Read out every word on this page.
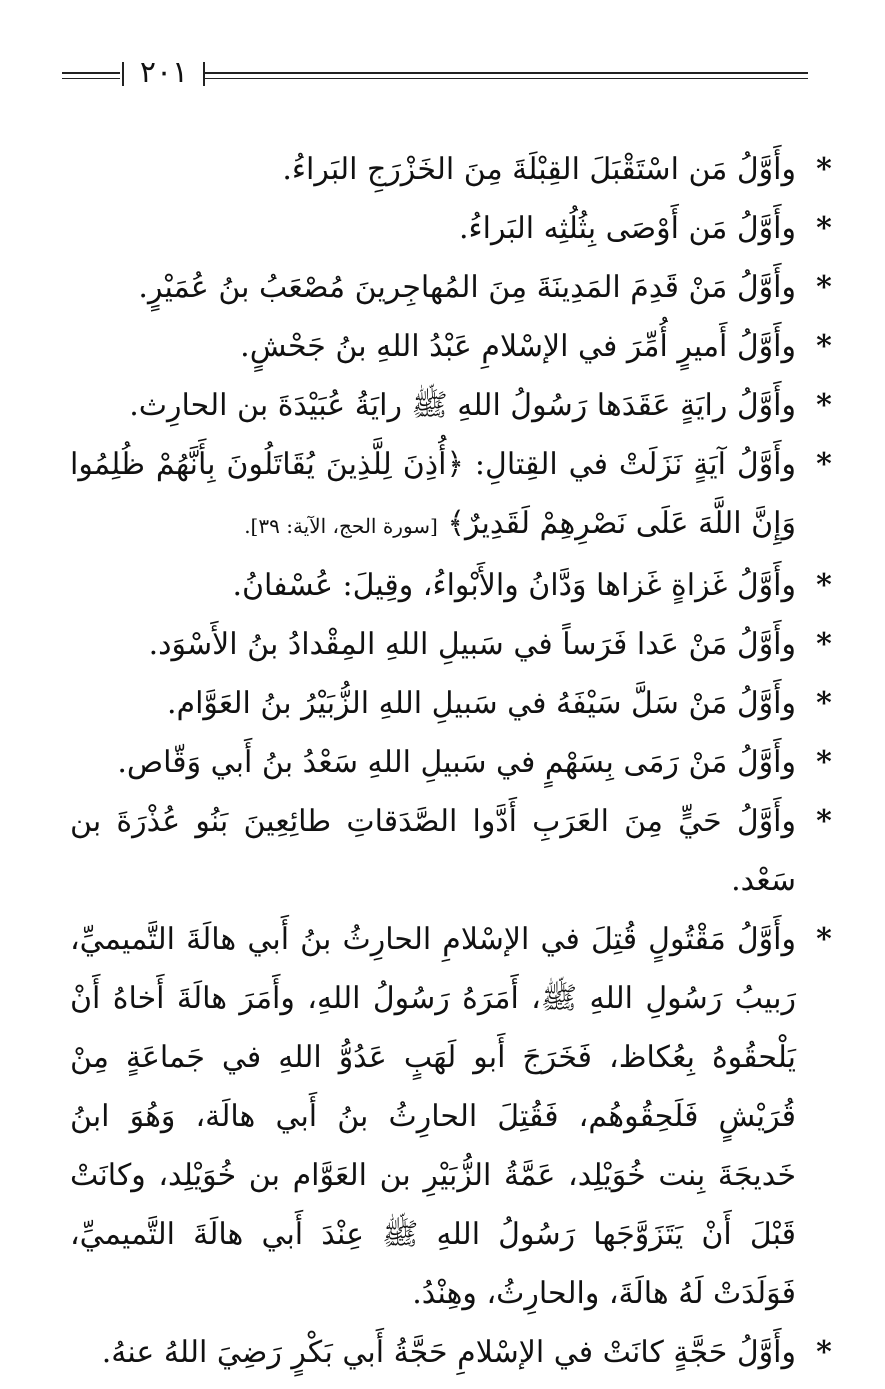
٢٠١

*
وأَوَّلُ مَن اسْتَقْبَلَ القِبْلَةَ مِنَ الخَزْرَجِ البَراءُ.

*
وأَوَّلُ مَن أَوْصَى بِثُلُثِه البَراءُ.

*
وأَوَّلُ مَنْ قَدِمَ المَدِينَةَ مِنَ المُهاجِرينَ مُصْعَبُ بنُ عُمَيْرٍ.

*
وأَوَّلُ أَميرٍ أُمِّرَ في الإسْلامِ عَبْدُ اللهِ بنُ جَحْشٍ.

*
وأَوَّلُ رايَةٍ عَقَدَها رَسُولُ اللهِ ﷺ رايَةُ عُبَيْدَةَ بن الحارِث.

*
وأَوَّلُ آيَةٍ نَزَلَتْ في القِتالِ: ﴿أُذِنَ لِلَّذِينَ يُقَاتَلُونَ بِأَنَّهُمْ ظُلِمُوا وَإِنَّ اللَّهَ عَلَى نَصْرِهِمْ لَقَدِيرٌ﴾ [سورة الحج، الآية: ٣٩].

*
وأَوَّلُ غَزاةٍ غَزاها وَدَّانُ والأَبْواءُ، وقِيلَ: عُسْفانُ.

*
وأَوَّلُ مَنْ عَدا فَرَساً في سَبيلِ اللهِ المِقْدادُ بنُ الأَسْوَد.

*
وأَوَّلُ مَنْ سَلَّ سَيْفَهُ في سَبيلِ اللهِ الزُّبَيْرُ بنُ العَوَّام.

*
وأَوَّلُ مَنْ رَمَى بِسَهْمٍ في سَبيلِ اللهِ سَعْدُ بنُ أَبي وَقّاص.

*
وأَوَّلُ حَيٍّ مِنَ العَرَبِ أَدَّوا الصَّدَقاتِ طائِعِينَ بَنُو عُذْرَةَ بن سَعْد.

*
وأَوَّلُ مَقْتُولٍ قُتِلَ في الإسْلامِ الحارِثُ بنُ أَبي هالَةَ التَّميميِّ، رَبيبُ رَسُولِ اللهِ ﷺ، أَمَرَهُ رَسُولُ اللهِ، وأَمَرَ هالَةَ أَخاهُ أَنْ يَلْحقُوهُ بِعُكاظ، فَخَرَجَ أَبو لَهَبٍ عَدُوُّ اللهِ في جَماعَةٍ مِنْ قُرَيْشٍ فَلَحِقُوهُم، فَقُتِلَ الحارِثُ بنُ أَبي هالَة، وَهُوَ ابنُ خَديجَةَ بِنت خُوَيْلِد، عَمَّةُ الزُّبَيْرِ بن العَوَّام بن خُوَيْلِد، وكانَتْ قَبْلَ أَنْ يَتَزَوَّجَها رَسُولُ اللهِ ﷺ عِنْدَ أَبي هالَةَ التَّميميِّ، فَوَلَدَتْ لَهُ هالَةَ، والحارِثُ، وهِنْدُ.

*
وأَوَّلُ حَجَّةٍ كانَتْ في الإسْلامِ حَجَّةُ أَبي بَكْرٍ رَضِيَ اللهُ عنهُ.
